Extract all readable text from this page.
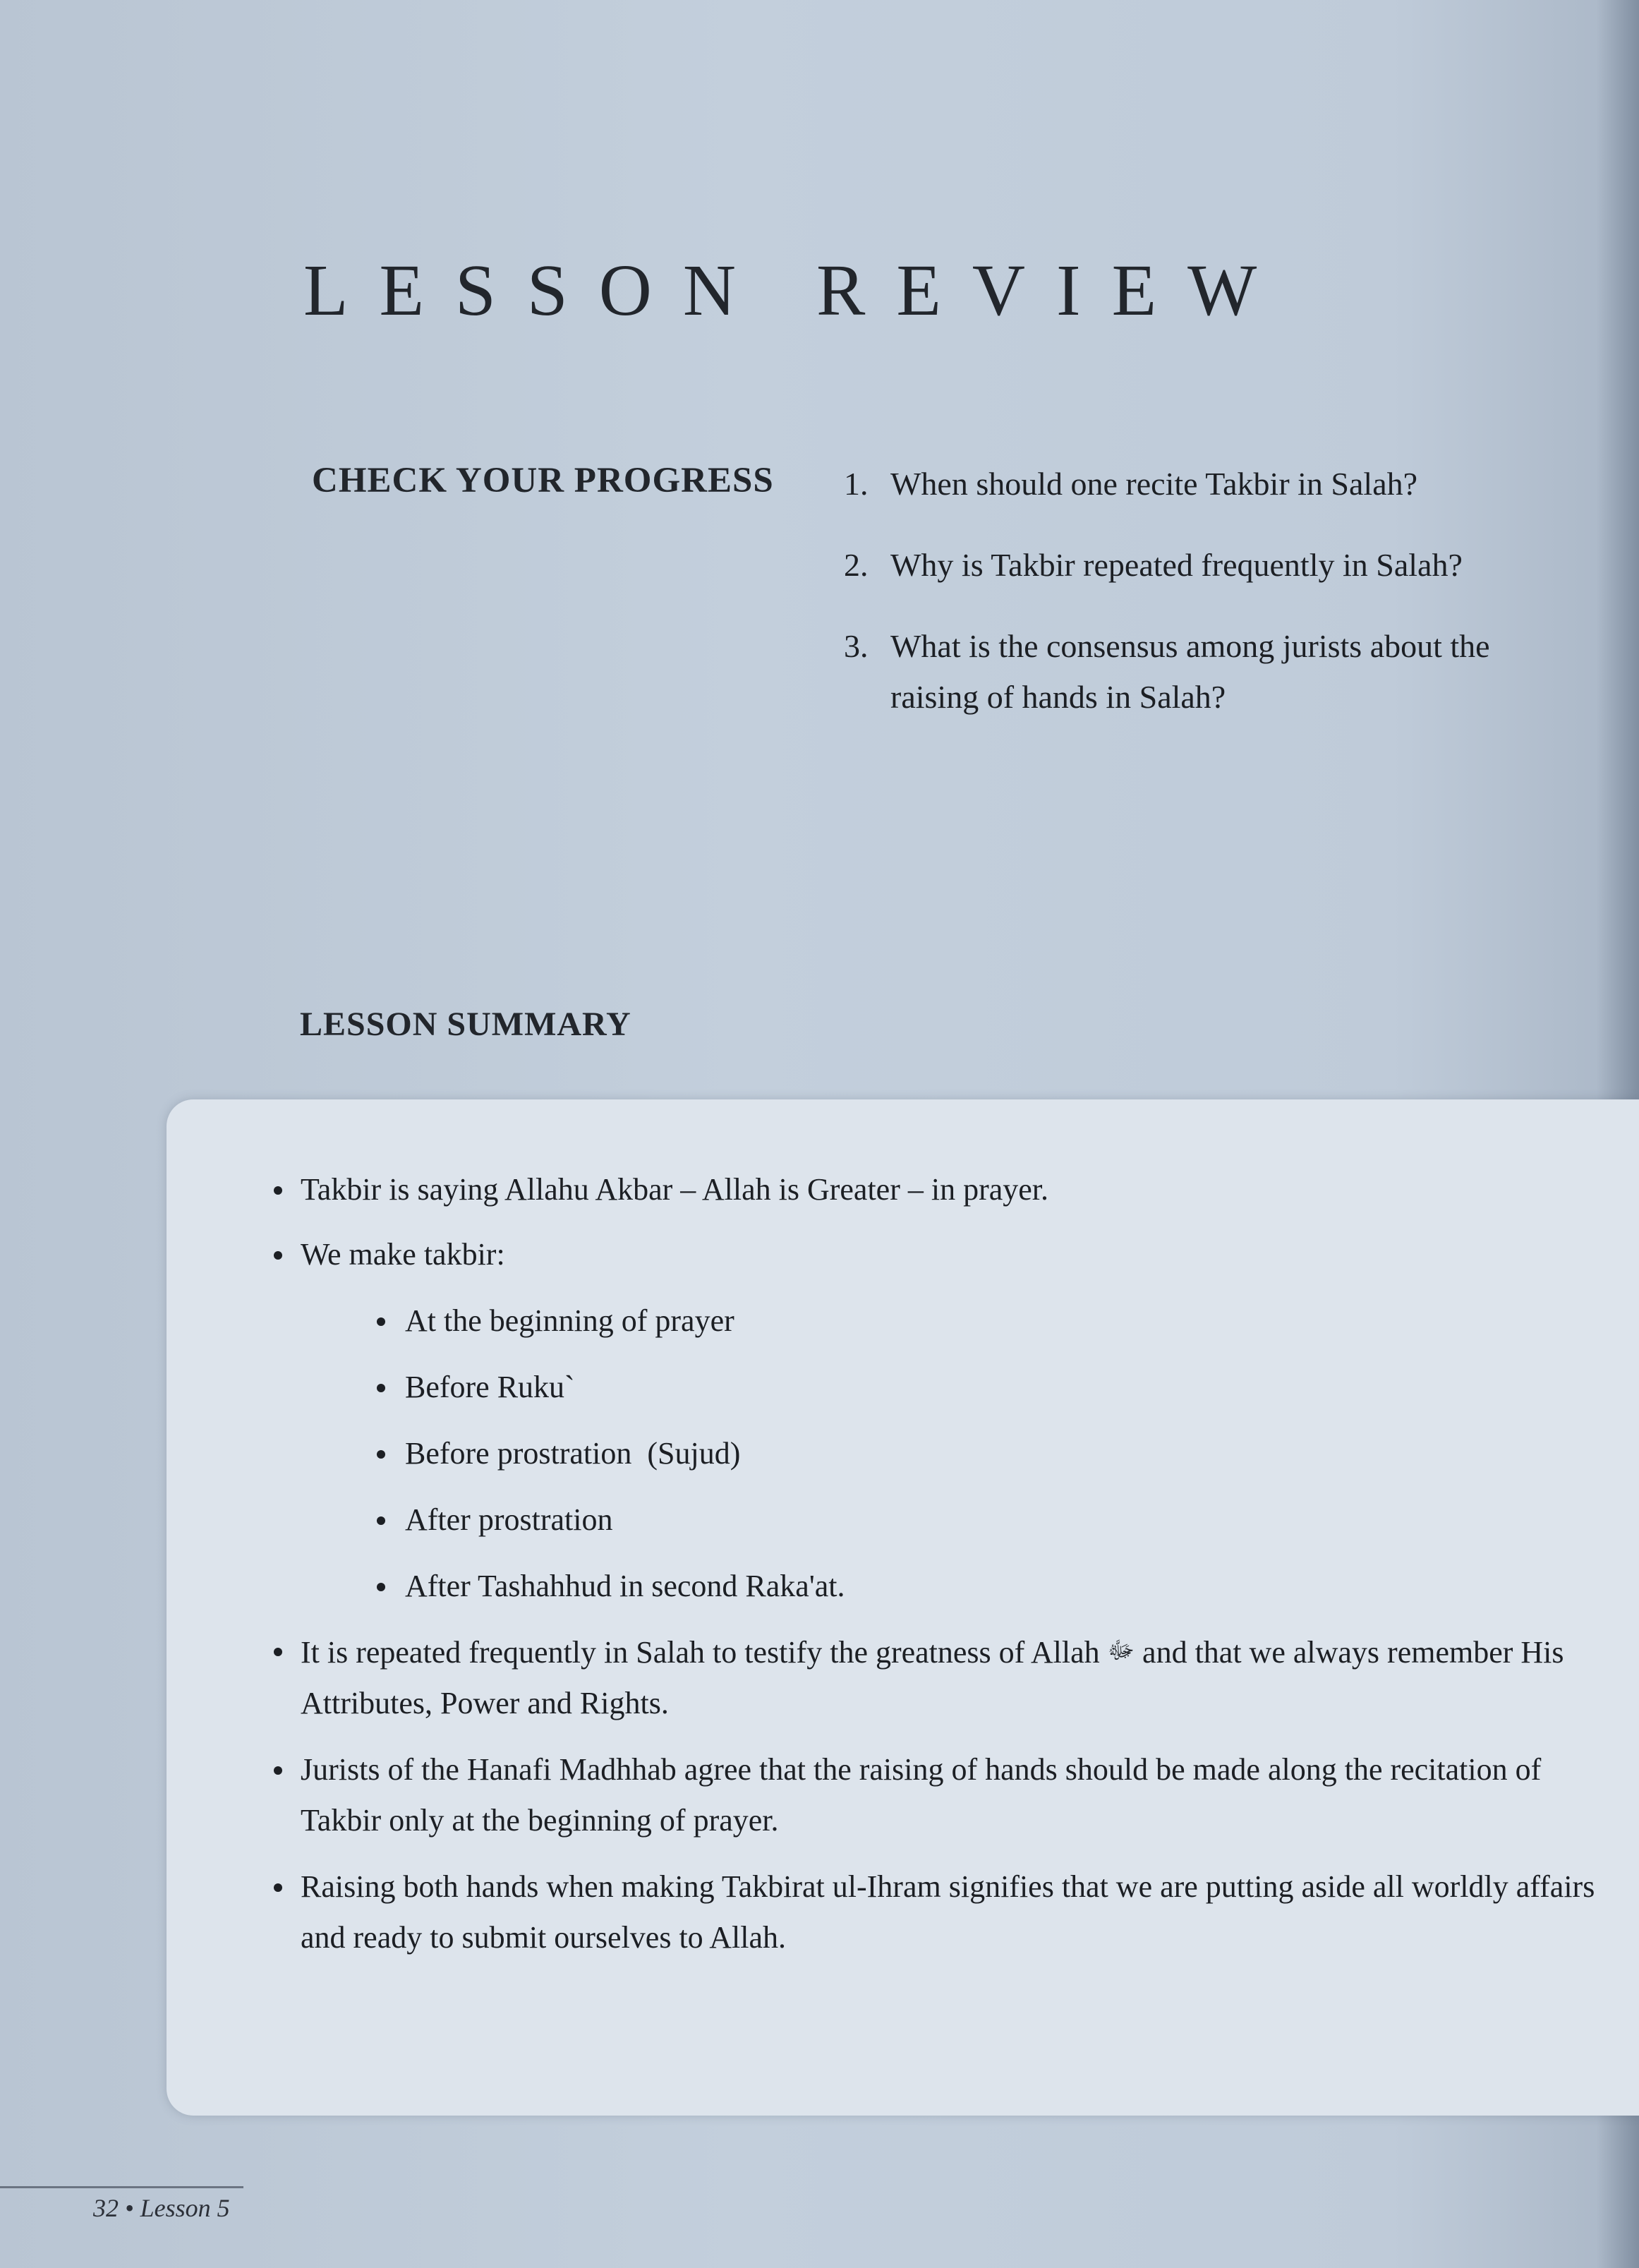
LESSON REVIEW
CHECK YOUR PROGRESS 1. When should one recite Takbir in Salah?
2. Why is Takbir repeated frequently in Salah?
3. What is the consensus among jurists about the raising of hands in Salah?
LESSON SUMMARY
Takbir is saying Allahu Akbar – Allah is Greater – in prayer.
We make takbir:
At the beginning of prayer
Before Ruku`
Before prostration  (Sujud)
After prostration
After Tashahhud in second Raka'at.
It is repeated frequently in Salah to testify the greatness of Allah ﷻ and that we always remember His Attributes, Power and Rights.
Jurists of the Hanafi Madhhab agree that the raising of hands should be made along the recitation of Takbir only at the beginning of prayer.
Raising both hands when making Takbirat ul-Ihram signifies that we are putting aside all worldly affairs and ready to submit ourselves to Allah.
32 • Lesson 5
